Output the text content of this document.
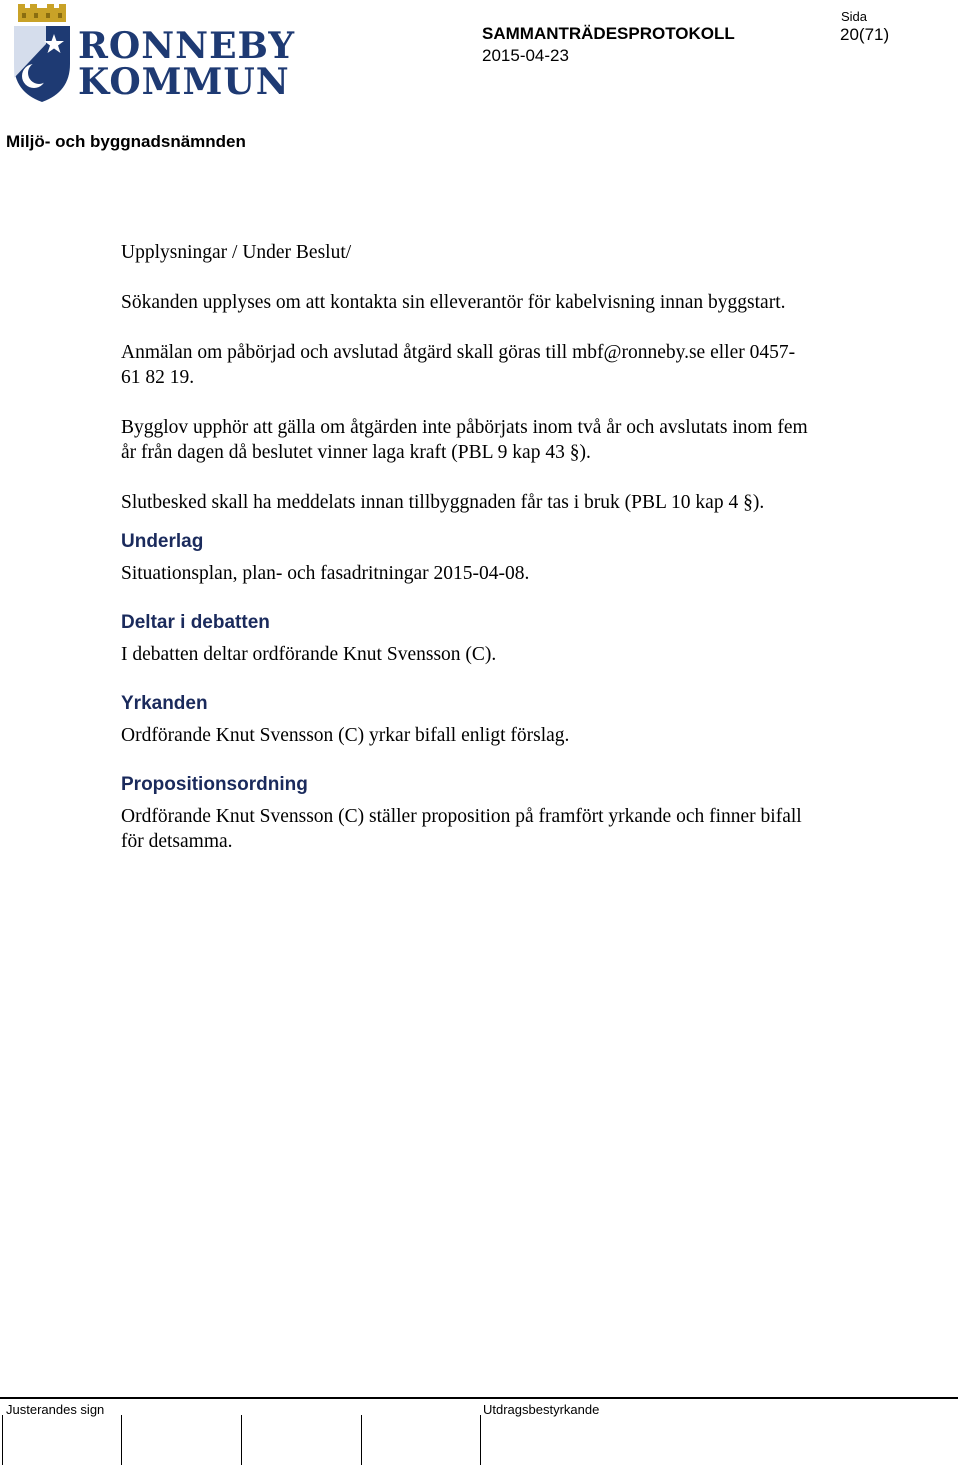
RONNEBY
KOMMUN
SAMMANTRÄDESPROTOKOLL
2015-04-23
Sida
20(71)
Miljö- och byggnadsnämnden

Upplysningar / Under Beslut/

Sökanden upplyses om att kontakta sin elleverantör för kabelvisning innan byggstart.

Anmälan om påbörjad och avslutad åtgärd skall göras till mbf@ronneby.se eller 0457-61 82 19.

Bygglov upphör att gälla om åtgärden inte påbörjats inom två år och avslutats inom fem år från dagen då beslutet vinner laga kraft (PBL 9 kap 43 §).

Slutbesked skall ha meddelats innan tillbyggnaden får tas i bruk (PBL 10 kap 4 §).

Underlag

Situationsplan, plan- och fasadritningar 2015-04-08.

Deltar i debatten

I debatten deltar ordförande Knut Svensson (C).

Yrkanden

Ordförande Knut Svensson (C) yrkar bifall enligt förslag.

Propositionsordning

Ordförande Knut Svensson (C) ställer proposition på framfört yrkande och finner bifall för detsamma.

Justerandes sign	Utdragsbestyrkande
